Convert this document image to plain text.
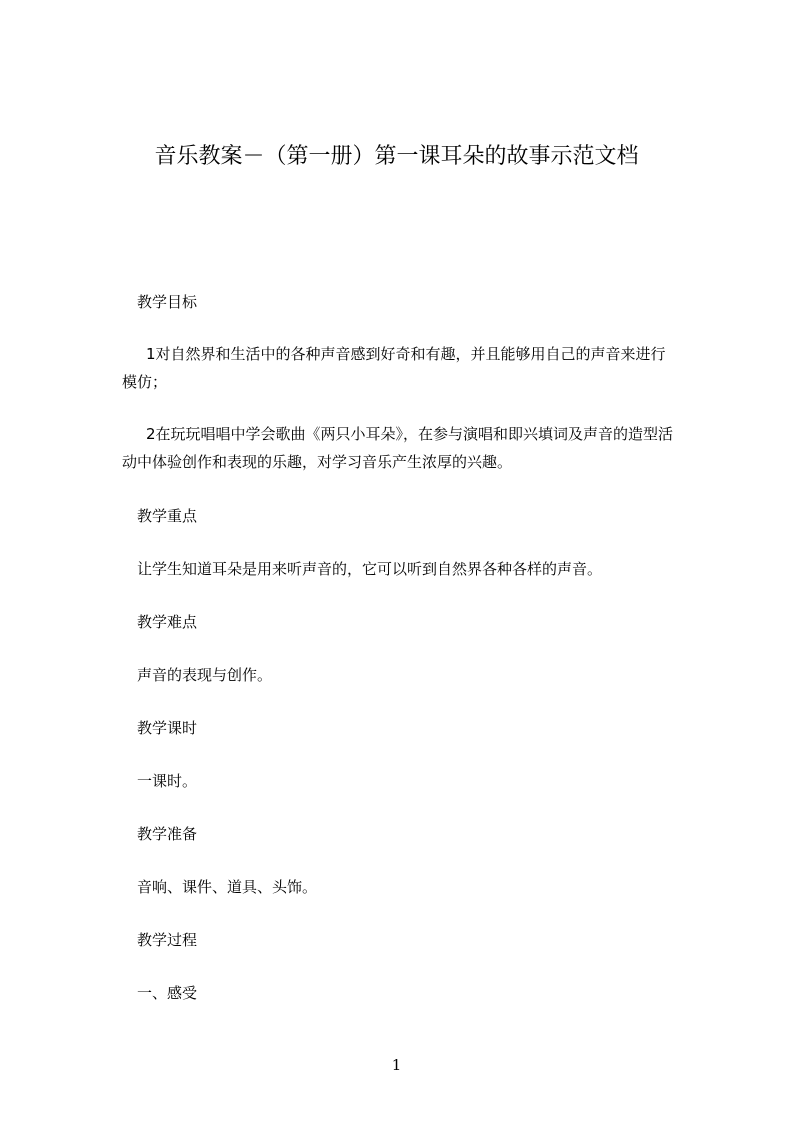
音乐教案－（第一册）第一课耳朵的故事示范文档
教学目标
1对自然界和生活中的各种声音感到好奇和有趣，并且能够用自己的声音来进行
模仿；
2在玩玩唱唱中学会歌曲《两只小耳朵》，在参与演唱和即兴填词及声音的造型活
动中体验创作和表现的乐趣，对学习音乐产生浓厚的兴趣。
教学重点
让学生知道耳朵是用来听声音的，它可以听到自然界各种各样的声音。
教学难点
声音的表现与创作。
教学课时
一课时。
教学准备
音响、课件、道具、头饰。
教学过程
一、感受
1
